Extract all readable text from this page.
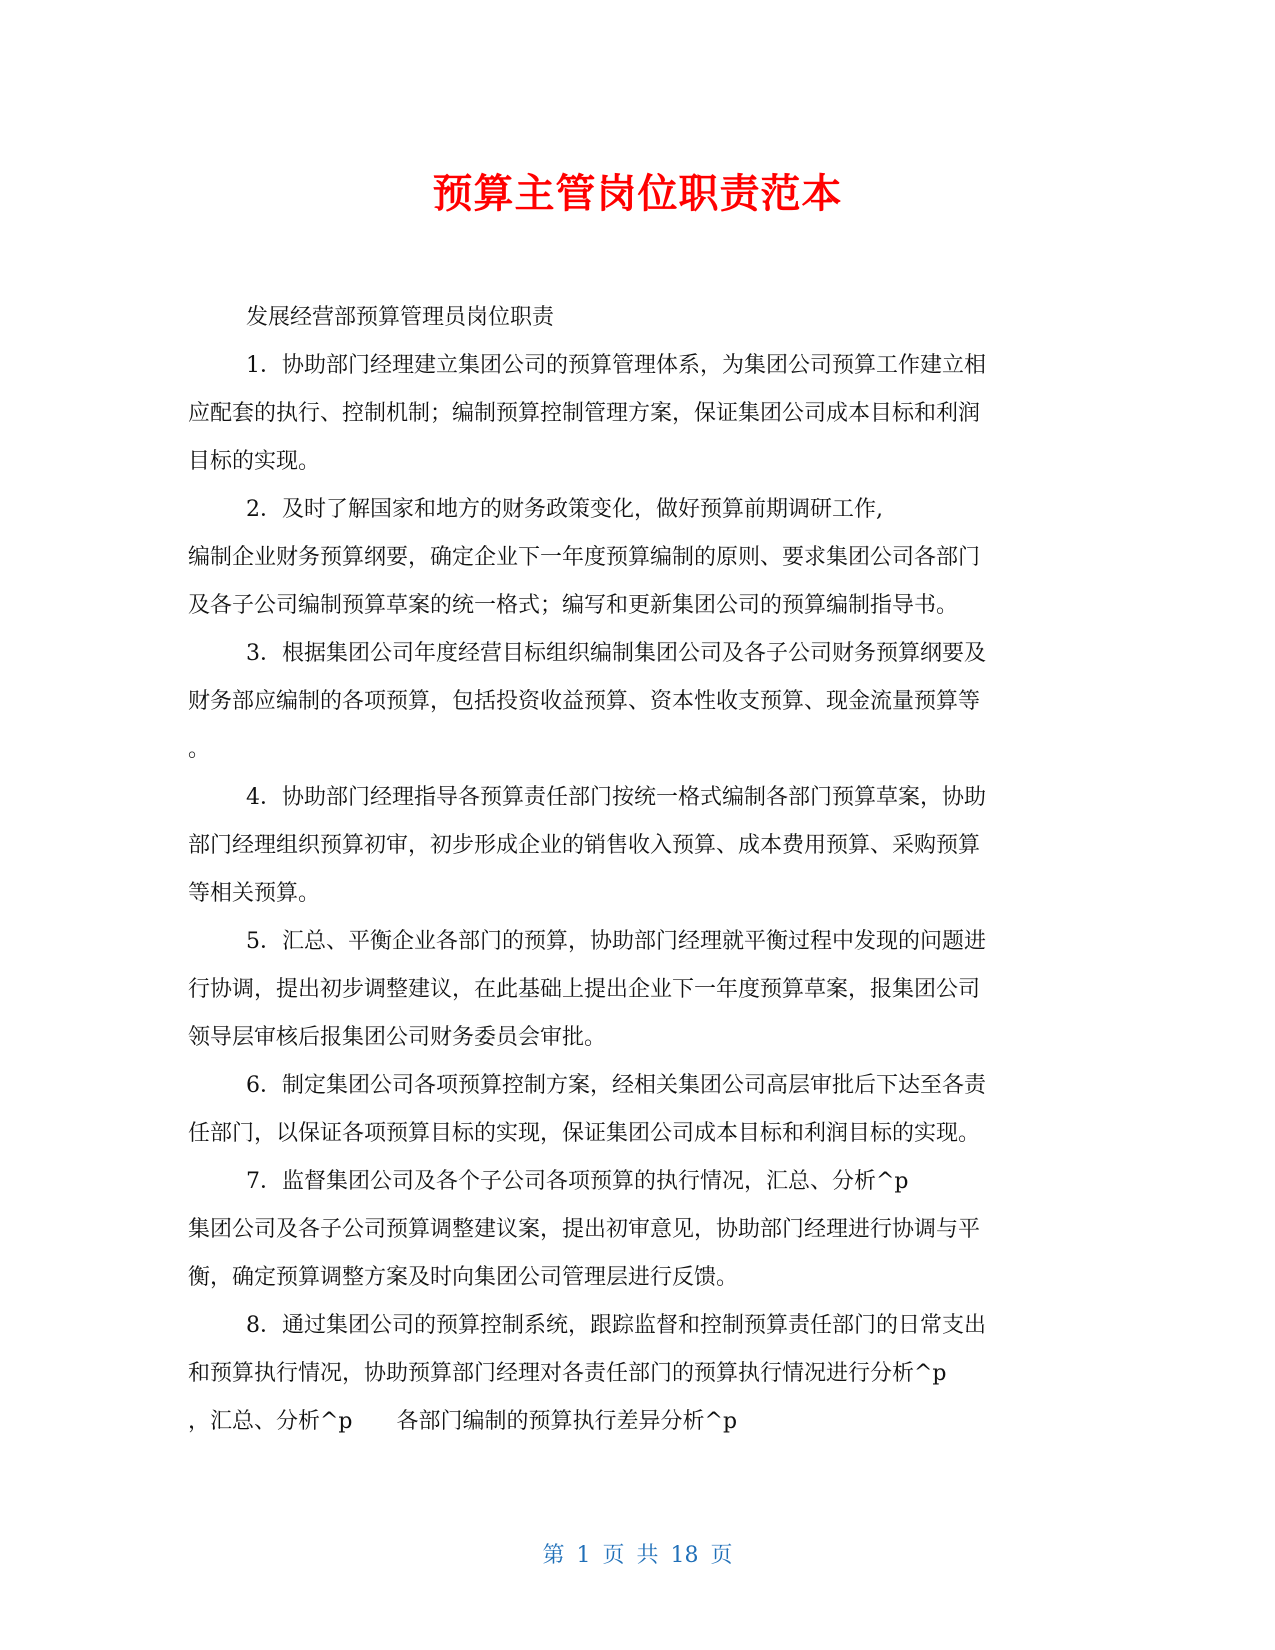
预算主管岗位职责范本
发展经营部预算管理员岗位职责
1．协助部门经理建立集团公司的预算管理体系，为集团公司预算工作建立相
应配套的执行、控制机制；编制预算控制管理方案，保证集团公司成本目标和利润
目标的实现。
2．及时了解国家和地方的财务政策变化，做好预算前期调研工作,
编制企业财务预算纲要，确定企业下一年度预算编制的原则、要求集团公司各部门
及各子公司编制预算草案的统一格式；编写和更新集团公司的预算编制指导书。
3．根据集团公司年度经营目标组织编制集团公司及各子公司财务预算纲要及
财务部应编制的各项预算，包括投资收益预算、资本性收支预算、现金流量预算等
。
4．协助部门经理指导各预算责任部门按统一格式编制各部门预算草案，协助
部门经理组织预算初审，初步形成企业的销售收入预算、成本费用预算、采购预算
等相关预算。
5．汇总、平衡企业各部门的预算，协助部门经理就平衡过程中发现的问题进
行协调，提出初步调整建议，在此基础上提出企业下一年度预算草案，报集团公司
领导层审核后报集团公司财务委员会审批。
6．制定集团公司各项预算控制方案，经相关集团公司高层审批后下达至各责
任部门，以保证各项预算目标的实现，保证集团公司成本目标和利润目标的实现。
7．监督集团公司及各个子公司各项预算的执行情况，汇总、分析^p
集团公司及各子公司预算调整建议案，提出初审意见，协助部门经理进行协调与平
衡，确定预算调整方案及时向集团公司管理层进行反馈。
8．通过集团公司的预算控制系统，跟踪监督和控制预算责任部门的日常支出
和预算执行情况，协助预算部门经理对各责任部门的预算执行情况进行分析^p
，汇总、分析^p　　各部门编制的预算执行差异分析^p
第 1 页 共 18 页
